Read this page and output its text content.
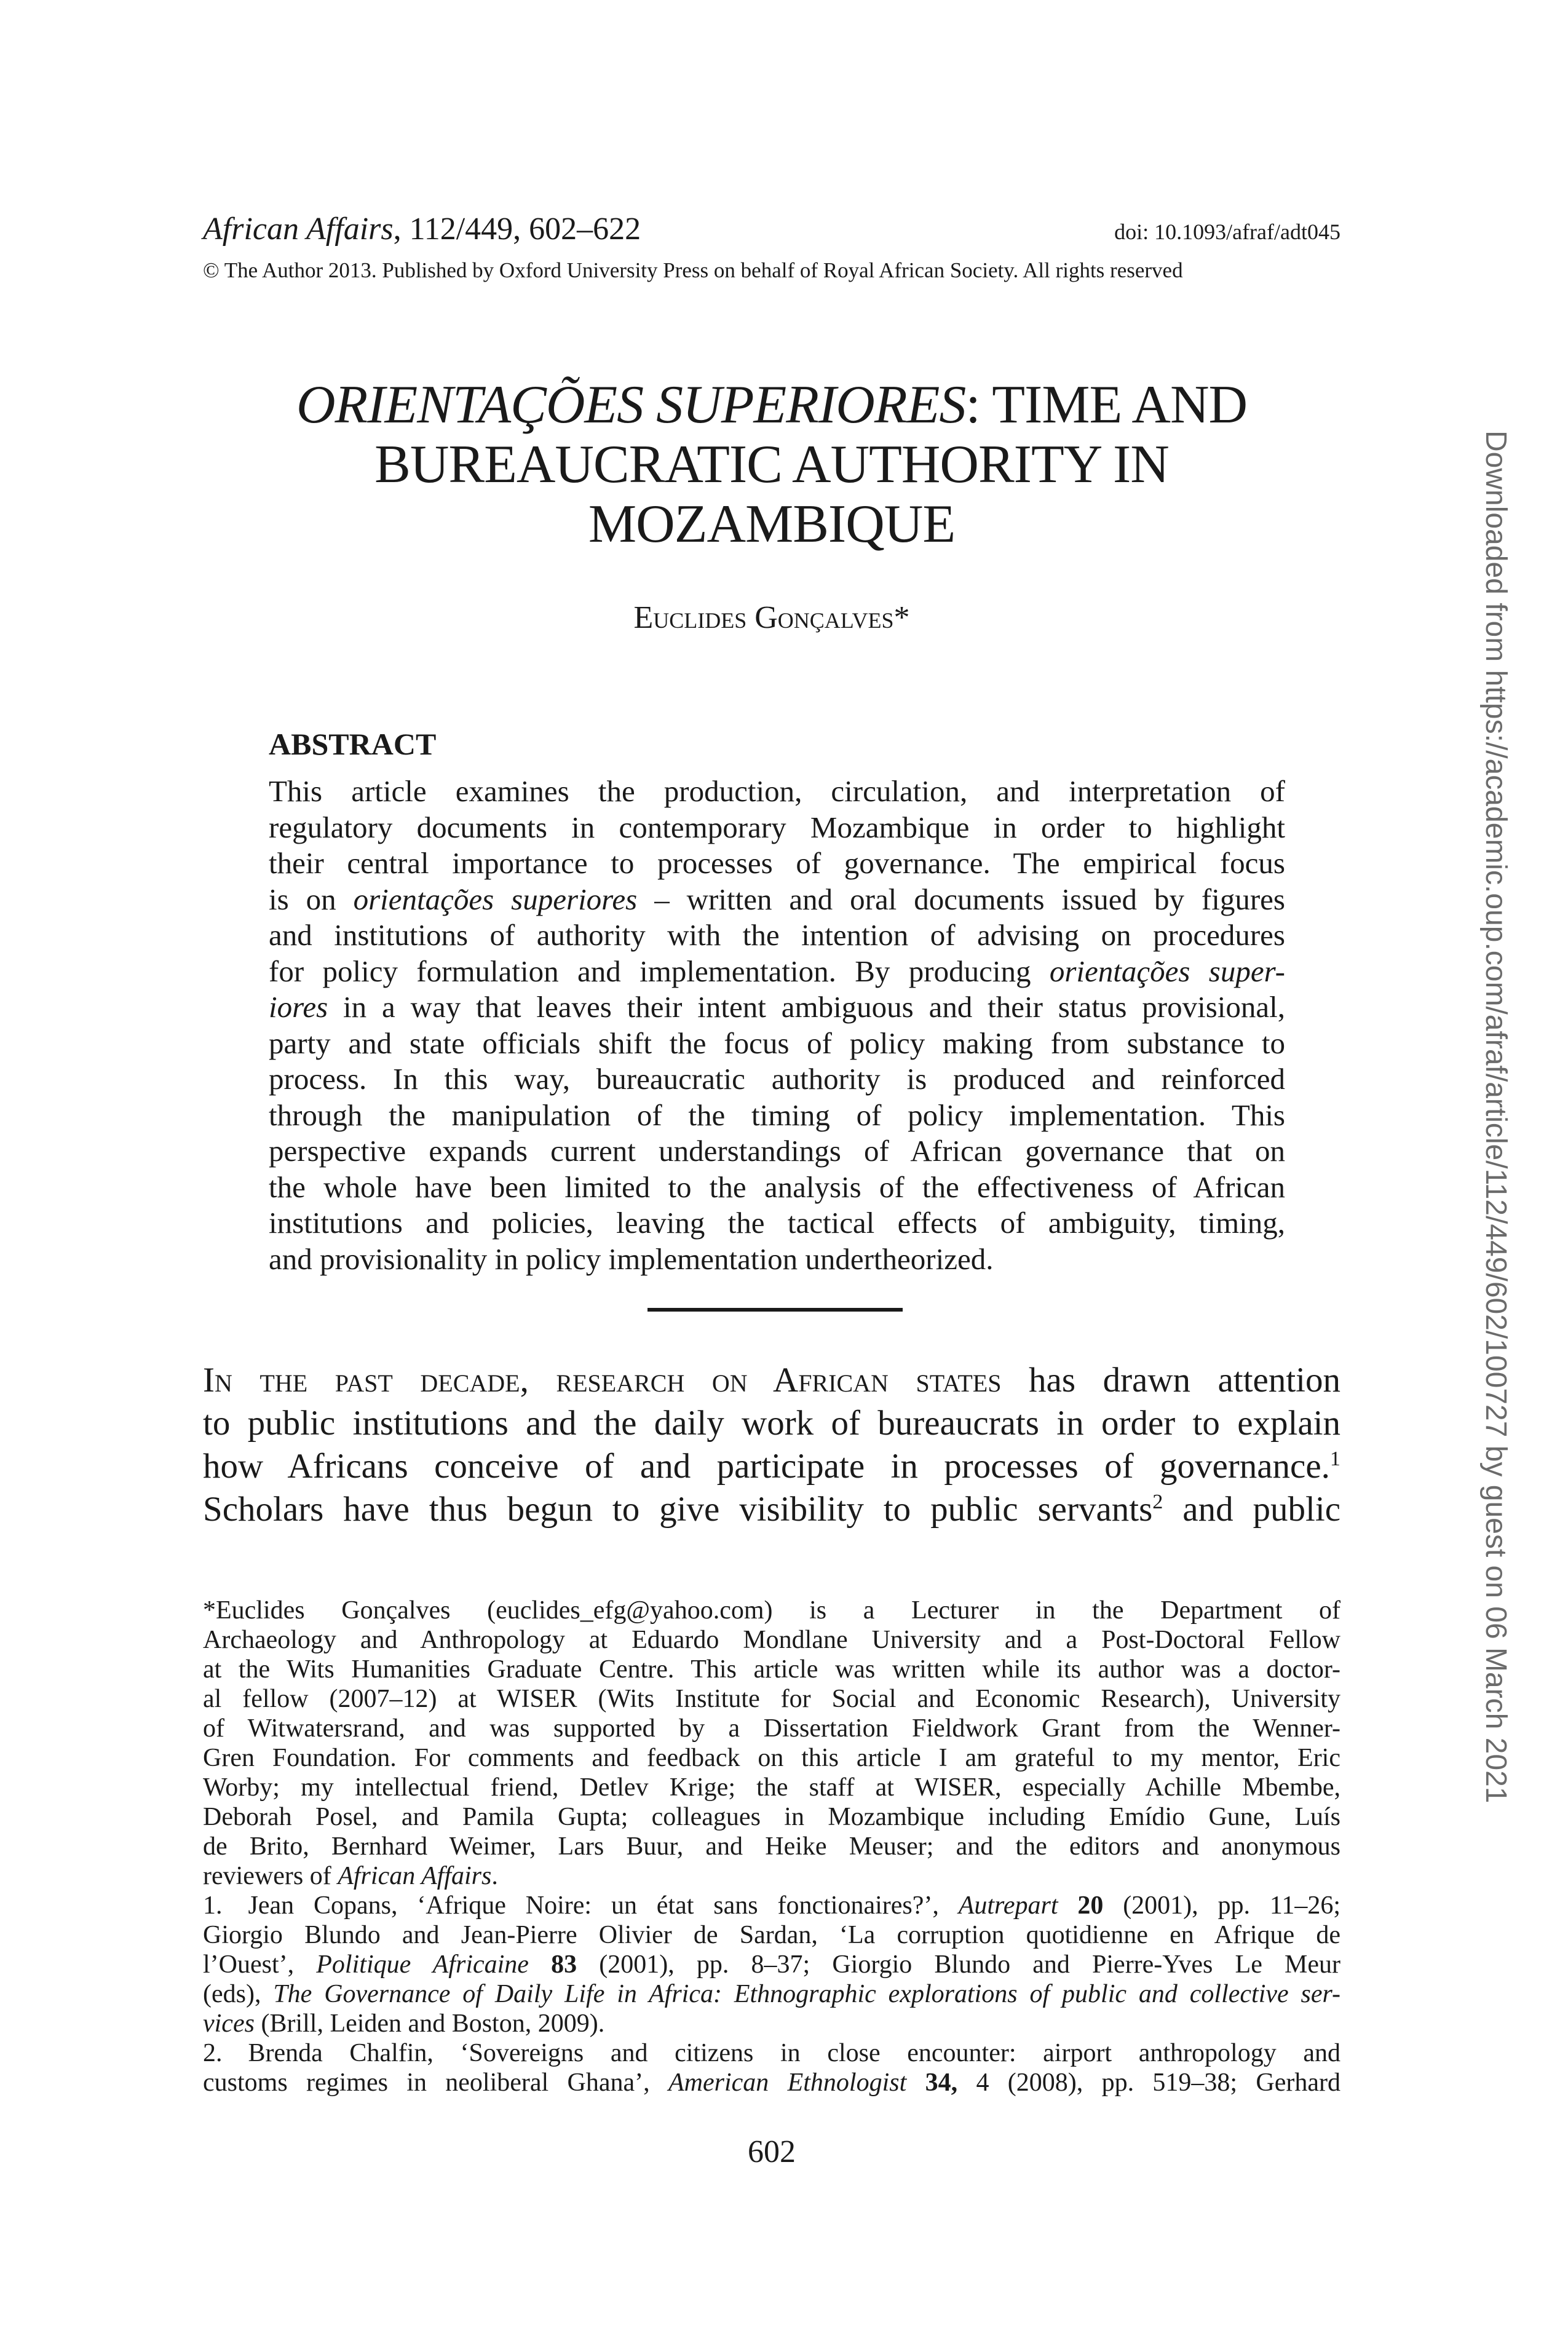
African Affairs, 112/449, 602–622	doi: 10.1093/afraf/adt045
© The Author 2013. Published by Oxford University Press on behalf of Royal African Society. All rights reserved
ORIENTAÇÕES SUPERIORES: TIME AND
BUREAUCRATIC AUTHORITY IN
MOZAMBIQUE
Euclides Gonçalves*
ABSTRACT
This article examines the production, circulation, and interpretation of
regulatory documents in contemporary Mozambique in order to highlight
their central importance to processes of governance. The empirical focus
is on orientações superiores – written and oral documents issued by figures
and institutions of authority with the intention of advising on procedures
for policy formulation and implementation. By producing orientações super-
iores in a way that leaves their intent ambiguous and their status provisional,
party and state officials shift the focus of policy making from substance to
process. In this way, bureaucratic authority is produced and reinforced
through the manipulation of the timing of policy implementation. This
perspective expands current understandings of African governance that on
the whole have been limited to the analysis of the effectiveness of African
institutions and policies, leaving the tactical effects of ambiguity, timing,
and provisionality in policy implementation undertheorized.
In the past decade, research on African states has drawn attention
to public institutions and the daily work of bureaucrats in order to explain
how Africans conceive of and participate in processes of governance.$^1$
Scholars have thus begun to give visibility to public servants$^2$ and public
*Euclides Gonçalves (euclides_efg@yahoo.com) is a Lecturer in the Department of
Archaeology and Anthropology at Eduardo Mondlane University and a Post-Doctoral Fellow
at the Wits Humanities Graduate Centre. This article was written while its author was a doctor-
al fellow (2007–12) at WISER (Wits Institute for Social and Economic Research), University
of Witwatersrand, and was supported by a Dissertation Fieldwork Grant from the Wenner-
Gren Foundation. For comments and feedback on this article I am grateful to my mentor, Eric
Worby; my intellectual friend, Detlev Krige; the staff at WISER, especially Achille Mbembe,
Deborah Posel, and Pamila Gupta; colleagues in Mozambique including Emídio Gune, Luís
de Brito, Bernhard Weimer, Lars Buur, and Heike Meuser; and the editors and anonymous
reviewers of African Affairs.
1. Jean Copans, ‘Afrique Noire: un état sans fonctionaires?’, Autrepart 20 (2001), pp. 11–26;
Giorgio Blundo and Jean-Pierre Olivier de Sardan, ‘La corruption quotidienne en Afrique de
l’Ouest’, Politique Africaine 83 (2001), pp. 8–37; Giorgio Blundo and Pierre-Yves Le Meur
(eds), The Governance of Daily Life in Africa: Ethnographic explorations of public and collective ser-
vices (Brill, Leiden and Boston, 2009).
2. Brenda Chalfin, ‘Sovereigns and citizens in close encounter: airport anthropology and
customs regimes in neoliberal Ghana’, American Ethnologist 34, 4 (2008), pp. 519–38; Gerhard
602
Downloaded from https://academic.oup.com/afraf/article/112/449/602/100727 by guest on 06 March 2021
